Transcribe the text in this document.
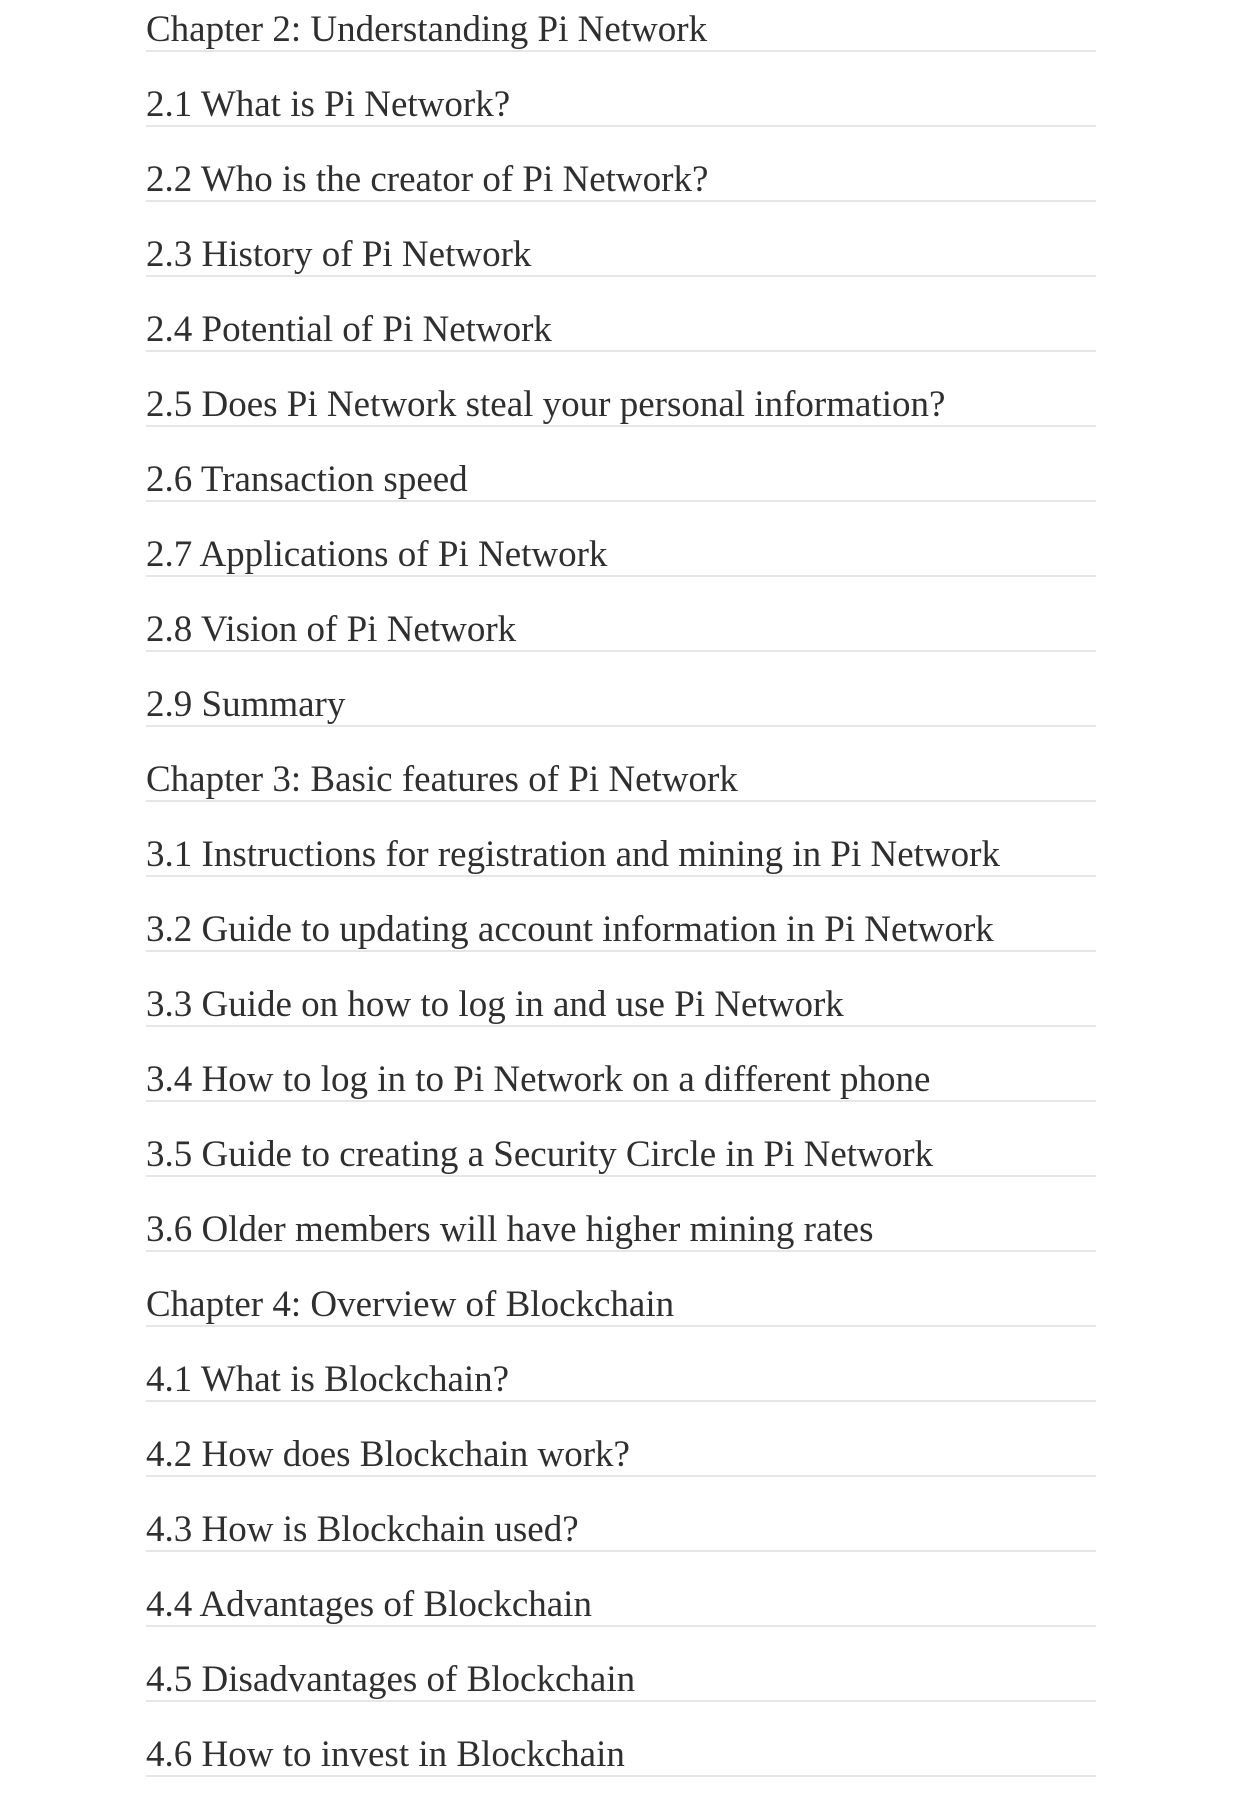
Chapter 2: Understanding Pi Network
2.1 What is Pi Network?
2.2 Who is the creator of Pi Network?
2.3 History of Pi Network
2.4 Potential of Pi Network
2.5 Does Pi Network steal your personal information?
2.6 Transaction speed
2.7 Applications of Pi Network
2.8 Vision of Pi Network
2.9 Summary
Chapter 3: Basic features of Pi Network
3.1 Instructions for registration and mining in Pi Network
3.2 Guide to updating account information in Pi Network
3.3 Guide on how to log in and use Pi Network
3.4 How to log in to Pi Network on a different phone
3.5 Guide to creating a Security Circle in Pi Network
3.6 Older members will have higher mining rates
Chapter 4: Overview of Blockchain
4.1 What is Blockchain?
4.2 How does Blockchain work?
4.3 How is Blockchain used?
4.4 Advantages of Blockchain
4.5 Disadvantages of Blockchain
4.6 How to invest in Blockchain
